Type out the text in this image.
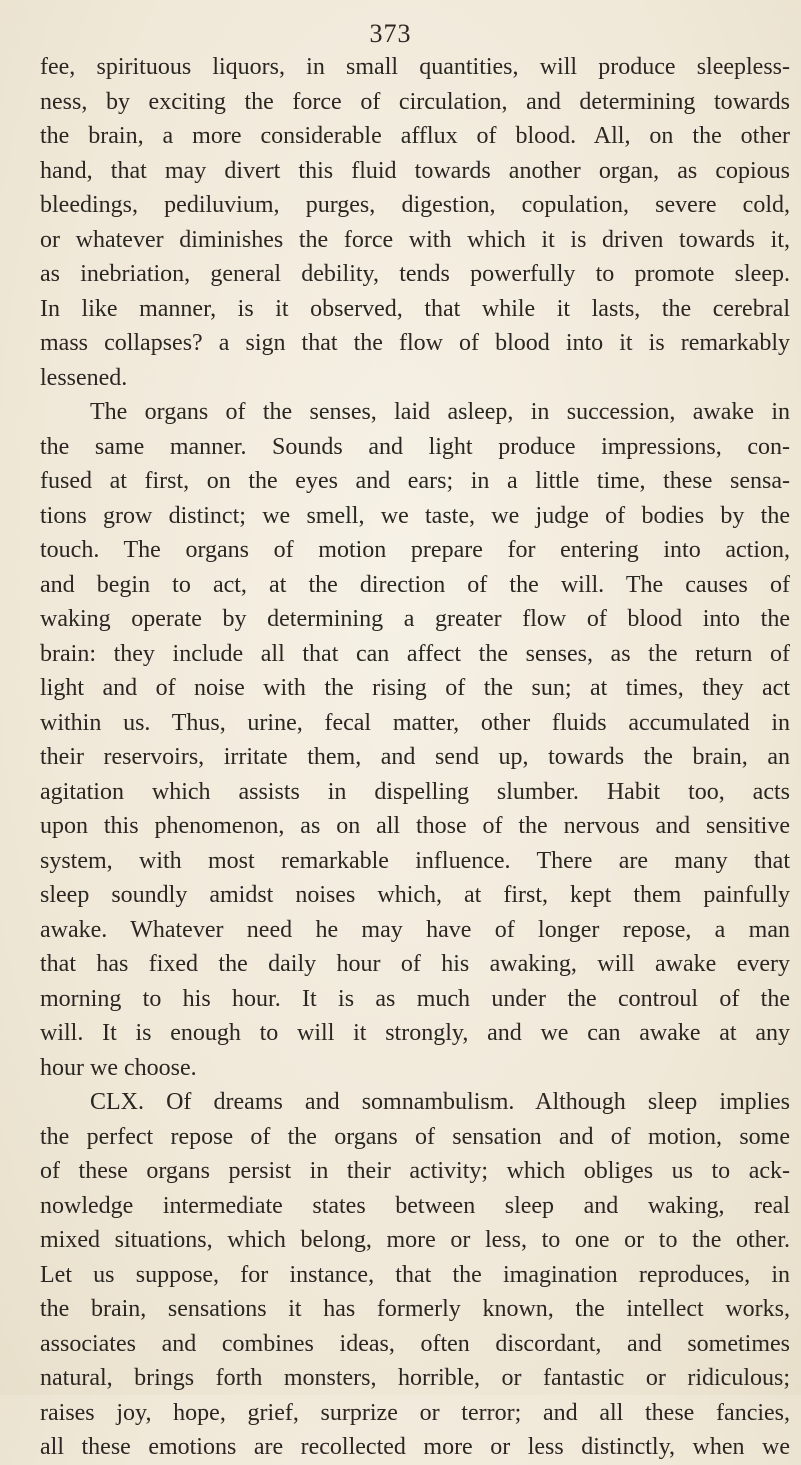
373
fee, spirituous liquors, in small quantities, will produce sleepless-
ness, by exciting the force of circulation, and determining towards
the brain, a more considerable afflux of blood. All, on the other
hand, that may divert this fluid towards another organ, as copious
bleedings, pediluvium, purges, digestion, copulation, severe cold,
or whatever diminishes the force with which it is driven towards it,
as inebriation, general debility, tends powerfully to promote sleep.
In like manner, is it observed, that while it lasts, the cerebral
mass collapses? a sign that the flow of blood into it is remarkably
lessened.
The organs of the senses, laid asleep, in succession, awake in
the same manner. Sounds and light produce impressions, con-
fused at first, on the eyes and ears; in a little time, these sensa-
tions grow distinct; we smell, we taste, we judge of bodies by the
touch. The organs of motion prepare for entering into action,
and begin to act, at the direction of the will. The causes of
waking operate by determining a greater flow of blood into the
brain: they include all that can affect the senses, as the return of
light and of noise with the rising of the sun; at times, they act
within us. Thus, urine, fecal matter, other fluids accumulated in
their reservoirs, irritate them, and send up, towards the brain, an
agitation which assists in dispelling slumber. Habit too, acts
upon this phenomenon, as on all those of the nervous and sensitive
system, with most remarkable influence. There are many that
sleep soundly amidst noises which, at first, kept them painfully
awake. Whatever need he may have of longer repose, a man
that has fixed the daily hour of his awaking, will awake every
morning to his hour. It is as much under the controul of the
will. It is enough to will it strongly, and we can awake at any
hour we choose.
CLX. Of dreams and somnambulism. Although sleep implies
the perfect repose of the organs of sensation and of motion, some
of these organs persist in their activity; which obliges us to ack-
nowledge intermediate states between sleep and waking, real
mixed situations, which belong, more or less, to one or to the other.
Let us suppose, for instance, that the imagination reproduces, in
the brain, sensations it has formerly known, the intellect works,
associates and combines ideas, often discordant, and sometimes
natural, brings forth monsters, horrible, or fantastic or ridiculous;
raises joy, hope, grief, surprize or terror; and all these fancies,
all these emotions are recollected more or less distinctly, when we
